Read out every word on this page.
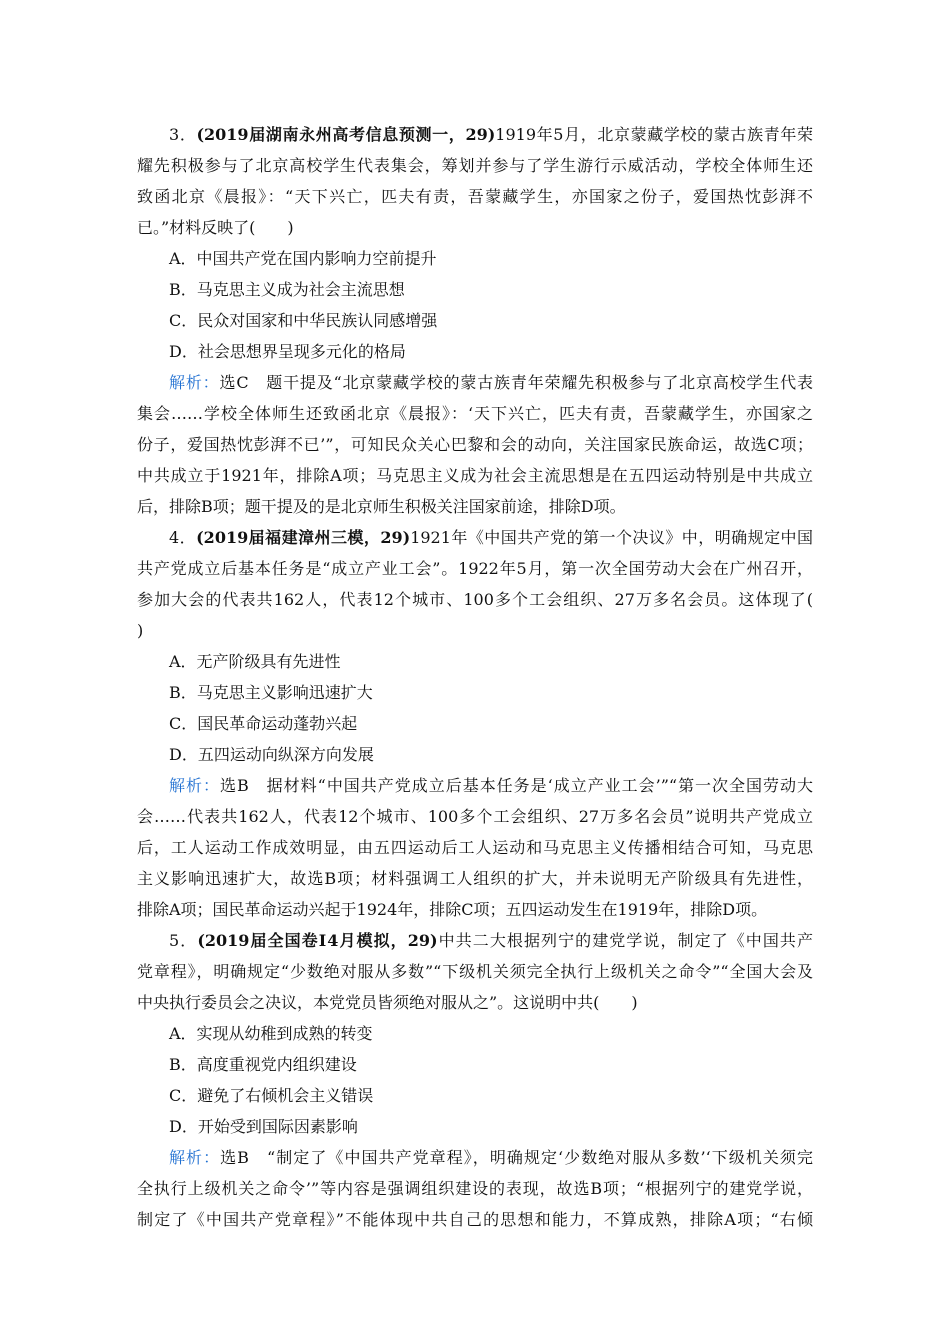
3．(2019届湖南永州高考信息预测一，29)1919年5月，北京蒙藏学校的蒙古族青年荣
耀先积极参与了北京高校学生代表集会，筹划并参与了学生游行示威活动，学校全体师生还
致函北京《晨报》：“天下兴亡，匹夫有责，吾蒙藏学生，亦国家之份子，爱国热忱彭湃不
已。”材料反映了(　　)
A．中国共产党在国内影响力空前提升
B．马克思主义成为社会主流思想
C．民众对国家和中华民族认同感增强
D．社会思想界呈现多元化的格局
解析：选C　题干提及“北京蒙藏学校的蒙古族青年荣耀先积极参与了北京高校学生代表
集会……学校全体师生还致函北京《晨报》：‘天下兴亡，匹夫有责，吾蒙藏学生，亦国家之
份子，爱国热忱彭湃不已’”，可知民众关心巴黎和会的动向，关注国家民族命运，故选C项；
中共成立于1921年，排除A项；马克思主义成为社会主流思想是在五四运动特别是中共成立
后，排除B项；题干提及的是北京师生积极关注国家前途，排除D项。
4．(2019届福建漳州三模，29)1921年《中国共产党的第一个决议》中，明确规定中国
共产党成立后基本任务是“成立产业工会”。1922年5月，第一次全国劳动大会在广州召开，
参加大会的代表共162人，代表12个城市、100多个工会组织、27万多名会员。这体现了(
)
A．无产阶级具有先进性
B．马克思主义影响迅速扩大
C．国民革命运动蓬勃兴起
D．五四运动向纵深方向发展
解析：选B　据材料“中国共产党成立后基本任务是‘成立产业工会’”“第一次全国劳动大
会……代表共162人，代表12个城市、100多个工会组织、27万多名会员”说明共产党成立
后，工人运动工作成效明显，由五四运动后工人运动和马克思主义传播相结合可知，马克思
主义影响迅速扩大，故选B项；材料强调工人组织的扩大，并未说明无产阶级具有先进性，
排除A项；国民革命运动兴起于1924年，排除C项；五四运动发生在1919年，排除D项。
5．(2019届全国卷Ⅰ4月模拟，29)中共二大根据列宁的建党学说，制定了《中国共产
党章程》，明确规定“少数绝对服从多数”“下级机关须完全执行上级机关之命令”“全国大会及
中央执行委员会之决议，本党党员皆须绝对服从之”。这说明中共(　　)
A．实现从幼稚到成熟的转变
B．高度重视党内组织建设
C．避免了右倾机会主义错误
D．开始受到国际因素影响
解析：选B　“制定了《中国共产党章程》，明确规定‘少数绝对服从多数’‘下级机关须完
全执行上级机关之命令’”等内容是强调组织建设的表现，故选B项；“根据列宁的建党学说，
制定了《中国共产党章程》”不能体现中共自己的思想和能力，不算成熟，排除A项；“右倾
